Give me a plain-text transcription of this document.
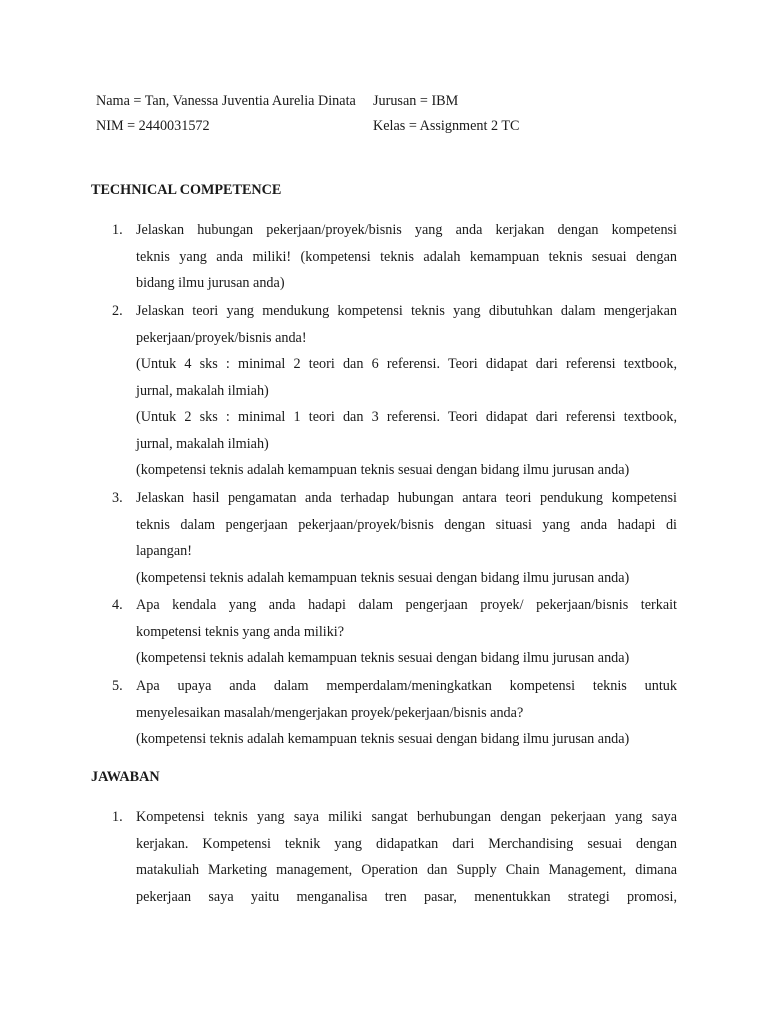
Nama = Tan, Vanessa Juventia Aurelia Dinata
NIM = 2440031572
Jurusan = IBM
Kelas = Assignment 2 TC
TECHNICAL COMPETENCE
1. Jelaskan hubungan pekerjaan/proyek/bisnis yang anda kerjakan dengan kompetensi
teknis yang anda miliki! (kompetensi teknis adalah kemampuan teknis sesuai dengan
bidang ilmu jurusan anda)
2. Jelaskan teori yang mendukung kompetensi teknis yang dibutuhkan dalam mengerjakan
pekerjaan/proyek/bisnis anda!
(Untuk 4 sks : minimal 2 teori dan 6 referensi. Teori didapat dari referensi textbook,
jurnal, makalah ilmiah)
(Untuk 2 sks : minimal 1 teori dan 3 referensi. Teori didapat dari referensi textbook,
jurnal, makalah ilmiah)
(kompetensi teknis adalah kemampuan teknis sesuai dengan bidang ilmu jurusan anda)
3. Jelaskan hasil pengamatan anda terhadap hubungan antara teori pendukung kompetensi
teknis dalam pengerjaan pekerjaan/proyek/bisnis dengan situasi yang anda hadapi di
lapangan!
(kompetensi teknis adalah kemampuan teknis sesuai dengan bidang ilmu jurusan anda)
4. Apa kendala yang anda hadapi dalam pengerjaan proyek/ pekerjaan/bisnis terkait
kompetensi teknis yang anda miliki?
(kompetensi teknis adalah kemampuan teknis sesuai dengan bidang ilmu jurusan anda)
5. Apa upaya anda dalam memperdalam/meningkatkan kompetensi teknis untuk
menyelesaikan masalah/mengerjakan proyek/pekerjaan/bisnis anda?
(kompetensi teknis adalah kemampuan teknis sesuai dengan bidang ilmu jurusan anda)
JAWABAN
1. Kompetensi teknis yang saya miliki sangat berhubungan dengan pekerjaan yang saya
kerjakan. Kompetensi teknik yang didapatkan dari Merchandising sesuai dengan
matakuliah Marketing management, Operation dan Supply Chain Management, dimana
pekerjaan saya yaitu menganalisa tren pasar, menentukkan strategi promosi,
